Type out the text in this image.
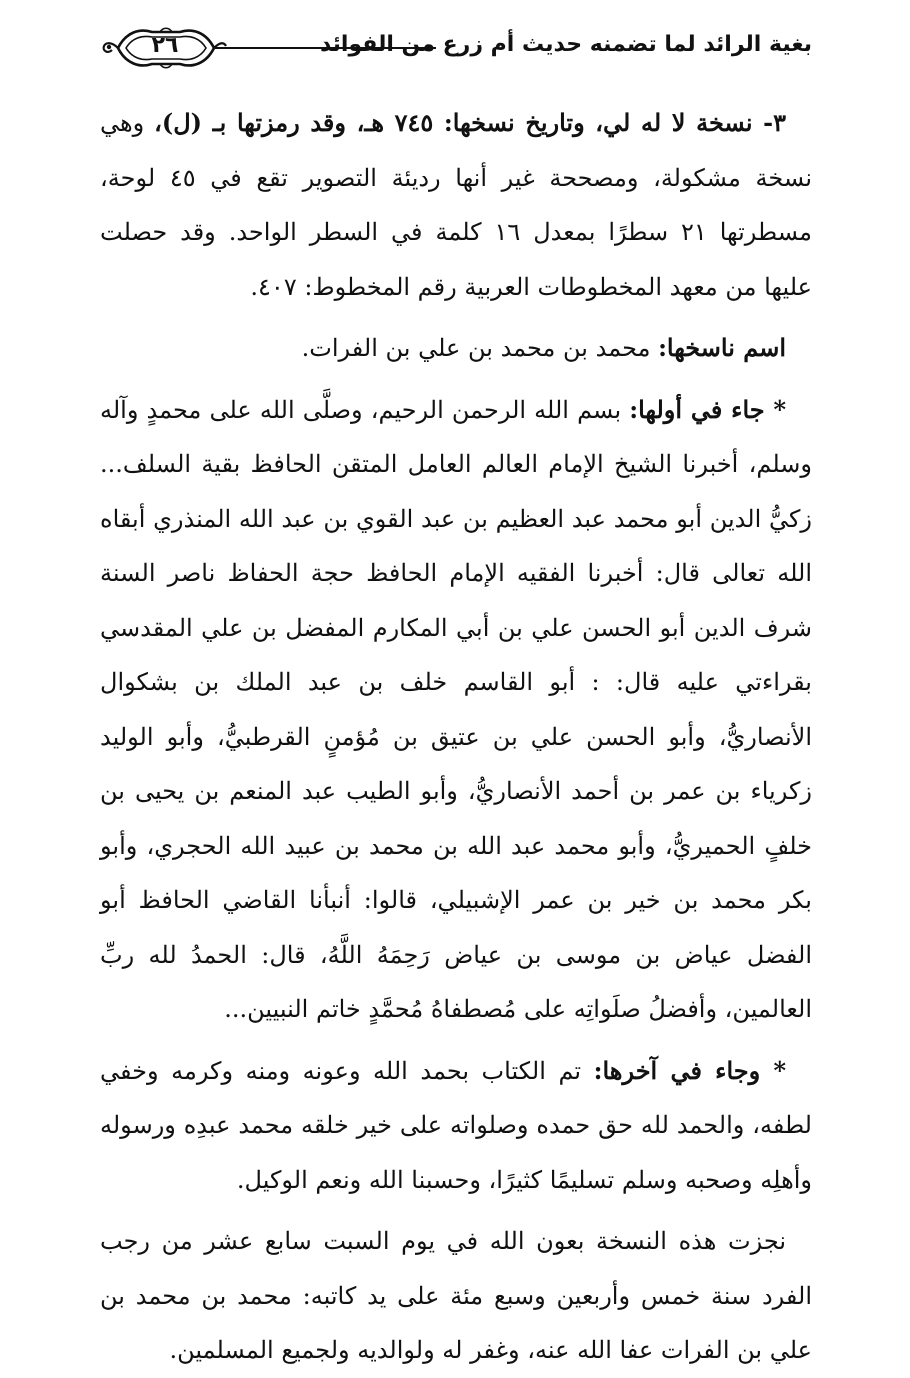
بغية الرائد لما تضمنه حديث أم زرع من الفوائد
٢٦

٣- نسخة لا له لي، وتاريخ نسخها: ٧٤٥ هـ، وقد رمزتها بـ (ل)، وهي نسخة مشكولة، ومصححة غير أنها رديئة التصوير تقع في ٤٥ لوحة، مسطرتها ٢١ سطرًا بمعدل ١٦ كلمة في السطر الواحد. وقد حصلت عليها من معهد المخطوطات العربية رقم المخطوط: ٤٠٧.

اسم ناسخها: محمد بن محمد بن علي بن الفرات.

* جاء في أولها: بسم الله الرحمن الرحيم، وصلَّى الله على محمدٍ وآله وسلم، أخبرنا الشيخ الإمام العالم العامل المتقن الحافظ بقية السلف... زكيُّ الدين أبو محمد عبد العظيم بن عبد القوي بن عبد الله المنذري أبقاه الله تعالى قال: أخبرنا الفقيه الإمام الحافظ حجة الحفاظ ناصر السنة شرف الدين أبو الحسن علي بن أبي المكارم المفضل بن علي المقدسي بقراءتي عليه قال: : أبو القاسم خلف بن عبد الملك بن بشكوال الأنصاريُّ، وأبو الحسن علي بن عتيق بن مُؤمنٍ القرطبيُّ، وأبو الوليد زكرياء بن عمر بن أحمد الأنصاريُّ، وأبو الطيب عبد المنعم بن يحيى بن خلفٍ الحميريُّ، وأبو محمد عبد الله بن محمد بن عبيد الله الحجري، وأبو بكر محمد بن خير بن عمر الإشبيلي، قالوا: أنبأنا القاضي الحافظ أبو الفضل عياض بن موسى بن عياض رَحِمَهُ اللَّهُ، قال: الحمدُ لله ربِّ العالمين، وأفضلُ صلَواتِه على مُصطفاهُ مُحمَّدٍ خاتم النبيين...

* وجاء في آخرها: تم الكتاب بحمد الله وعونه ومنه وكرمه وخفي لطفه، والحمد لله حق حمده وصلواته على خير خلقه محمد عبدِه ورسوله وأهلِه وصحبه وسلم تسليمًا كثيرًا، وحسبنا الله ونعم الوكيل.

نجزت هذه النسخة بعون الله في يوم السبت سابع عشر من رجب الفرد سنة خمس وأربعين وسبع مئة على يد كاتبه: محمد بن محمد بن علي بن الفرات عفا الله عنه، وغفر له ولوالديه ولجميع المسلمين.
